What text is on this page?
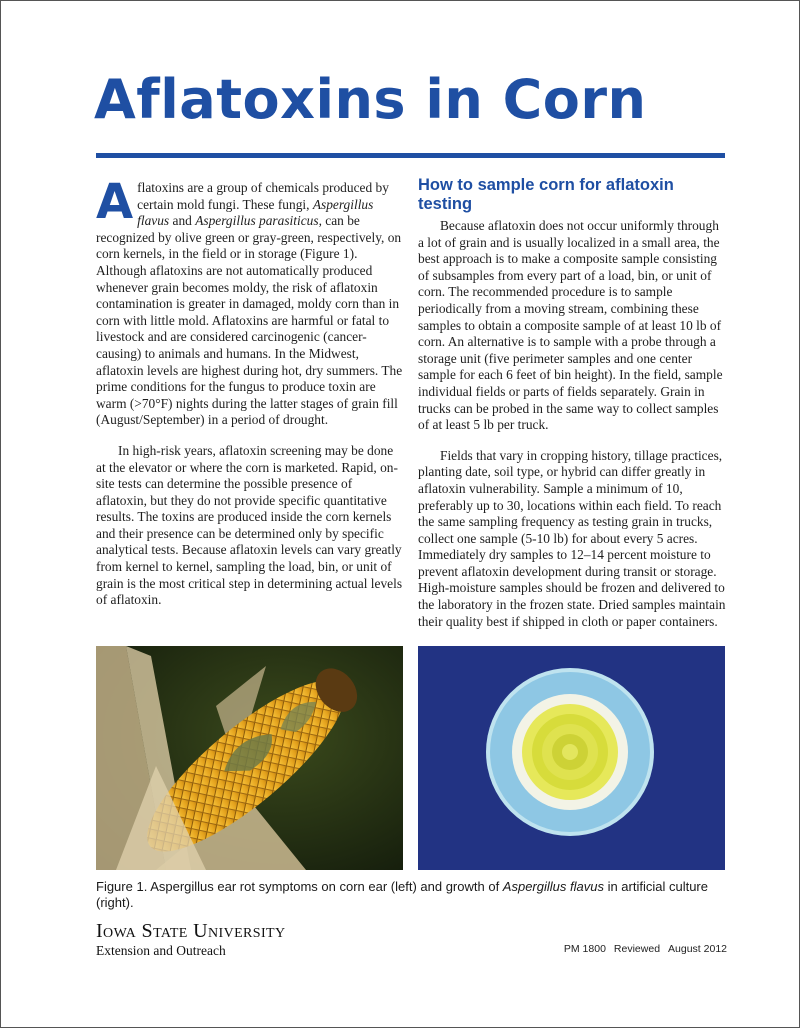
Aflatoxins in Corn

Aflatoxins are a group of chemicals produced by certain mold fungi. These fungi, Aspergillus flavus and Aspergillus parasiticus, can be recognized by olive green or gray-green, respectively, on corn kernels, in the field or in storage (Figure 1). Although aflatoxins are not automatically produced whenever grain becomes moldy, the risk of aflatoxin contamination is greater in damaged, moldy corn than in corn with little mold. Aflatoxins are harmful or fatal to livestock and are considered carcinogenic (cancer-causing) to animals and humans. In the Midwest, aflatoxin levels are highest during hot, dry summers. The prime conditions for the fungus to produce toxin are warm (>70°F) nights during the latter stages of grain fill (August/September) in a period of drought.

In high-risk years, aflatoxin screening may be done at the elevator or where the corn is marketed. Rapid, on-site tests can determine the possible presence of aflatoxin, but they do not provide specific quantitative results. The toxins are produced inside the corn kernels and their presence can be determined only by specific analytical tests. Because aflatoxin levels can vary greatly from kernel to kernel, sampling the load, bin, or unit of grain is the most critical step in determining actual levels of aflatoxin.

How to sample corn for aflatoxin testing

Because aflatoxin does not occur uniformly through a lot of grain and is usually localized in a small area, the best approach is to make a composite sample consisting of subsamples from every part of a load, bin, or unit of corn. The recommended procedure is to sample periodically from a moving stream, combining these samples to obtain a composite sample of at least 10 lb of corn. An alternative is to sample with a probe through a storage unit (five perimeter samples and one center sample for each 6 feet of bin height). In the field, sample individual fields or parts of fields separately. Grain in trucks can be probed in the same way to collect samples of at least 5 lb per truck.

Fields that vary in cropping history, tillage practices, planting date, soil type, or hybrid can differ greatly in aflatoxin vulnerability. Sample a minimum of 10, preferably up to 30, locations within each field. To reach the same sampling frequency as testing grain in trucks, collect one sample (5-10 lb) for about every 5 acres. Immediately dry samples to 12–14 percent moisture to prevent aflatoxin development during transit or storage. High-moisture samples should be frozen and delivered to the laboratory in the frozen state. Dried samples maintain their quality best if shipped in cloth or paper containers.

Figure 1. Aspergillus ear rot symptoms on corn ear (left) and growth of Aspergillus flavus in artificial culture (right).

Iowa State University
Extension and Outreach	PM 1800 Reviewed August 2012
